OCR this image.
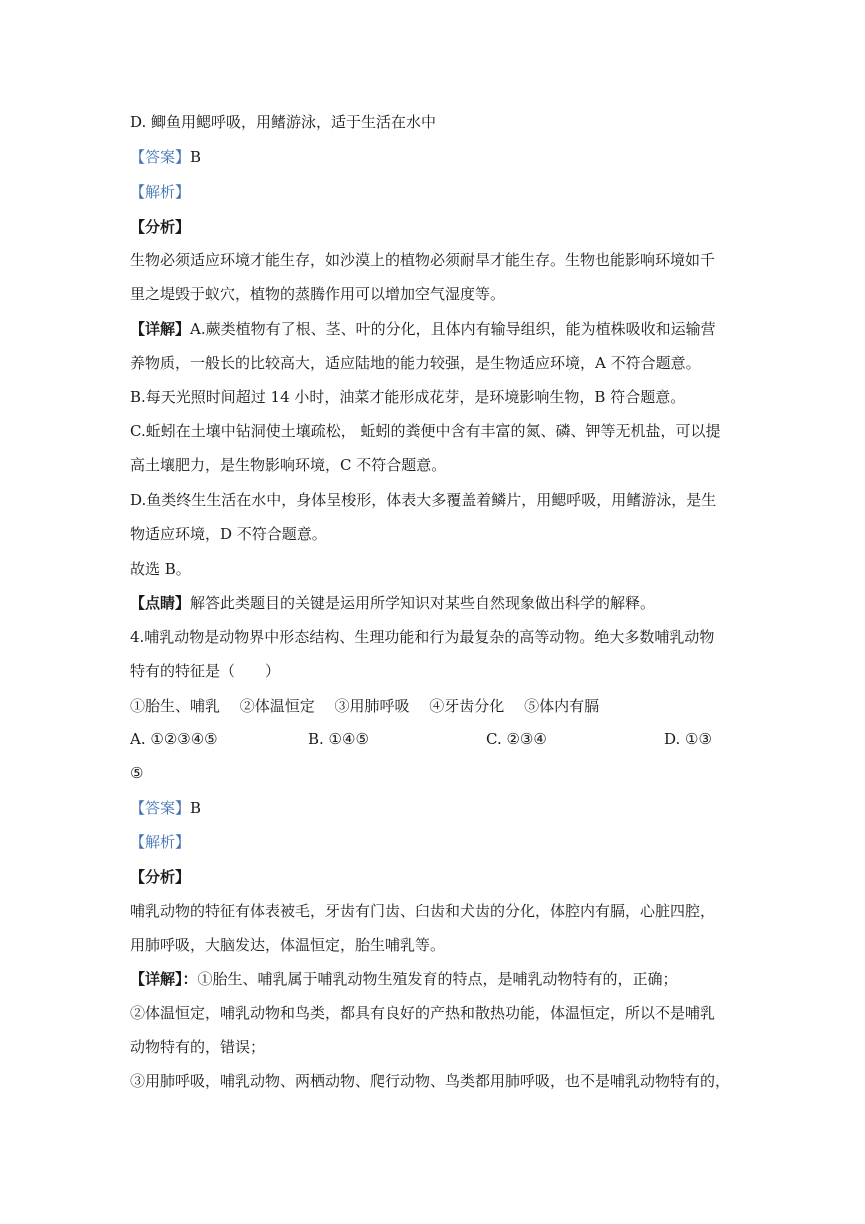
D. 鲫鱼用鳃呼吸，用鳍游泳，适于生活在水中
【答案】B
【解析】
【分析】
生物必须适应环境才能生存，如沙漠上的植物必须耐旱才能生存。生物也能影响环境如千
里之堤毁于蚁穴，植物的蒸腾作用可以增加空气湿度等。
【详解】A.蕨类植物有了根、茎、叶的分化，且体内有输导组织，能为植株吸收和运输营
养物质，一般长的比较高大，适应陆地的能力较强，是生物适应环境，A 不符合题意。
B.每天光照时间超过 14 小时，油菜才能形成花芽，是环境影响生物，B 符合题意。
C.蚯蚓在土壤中钻洞使土壤疏松， 蚯蚓的粪便中含有丰富的氮、磷、钾等无机盐，可以提
高土壤肥力，是生物影响环境，C 不符合题意。
D.鱼类终生生活在水中，身体呈梭形，体表大多覆盖着鳞片，用鳃呼吸，用鳍游泳，是生
物适应环境，D 不符合题意。
故选 B。
【点睛】解答此类题目的关键是运用所学知识对某些自然现象做出科学的解释。
4.哺乳动物是动物界中形态结构、生理功能和行为最复杂的高等动物。绝大多数哺乳动物
特有的特征是（　　）
①胎生、哺乳　 ②体温恒定　 ③用肺呼吸　 ④牙齿分化　 ⑤体内有膈
A. ①②③④⑤	B. ①④⑤	C. ②③④	D. ①③
⑤
【答案】B
【解析】
【分析】
哺乳动物的特征有体表被毛，牙齿有门齿、臼齿和犬齿的分化，体腔内有膈，心脏四腔，
用肺呼吸，大脑发达，体温恒定，胎生哺乳等。
【详解】：①胎生、哺乳属于哺乳动物生殖发育的特点，是哺乳动物特有的，正确；
②体温恒定，哺乳动物和鸟类，都具有良好的产热和散热功能，体温恒定，所以不是哺乳
动物特有的，错误；
③用肺呼吸，哺乳动物、两栖动物、爬行动物、鸟类都用肺呼吸，也不是哺乳动物特有的，
